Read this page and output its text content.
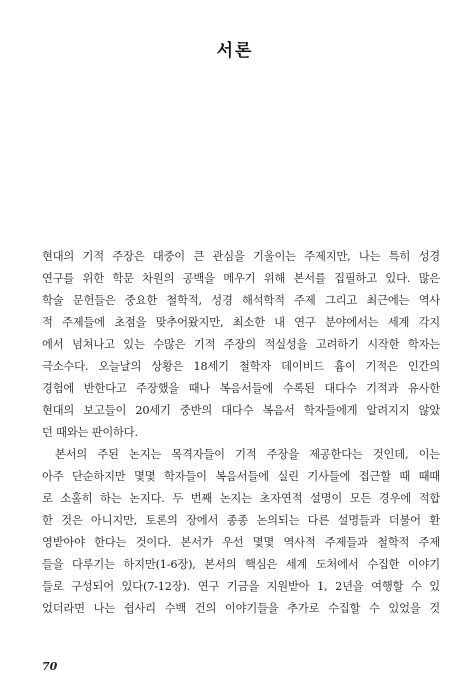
서론
현대의 기적 주장은 대중이 큰 관심을 기울이는 주제지만, 나는 특히 성경
연구를 위한 학문 차원의 공백을 메우기 위해 본서를 집필하고 있다. 많은
학술 문헌들은 중요한 철학적, 성경 해석학적 주제 그리고 최근에는 역사
적 주제들에 초점을 맞추어왔지만, 최소한 내 연구 분야에서는 세계 각지
에서 넘쳐나고 있는 수많은 기적 주장의 적실성을 고려하기 시작한 학자는
극소수다. 오늘날의 상황은 18세기 철학자 데이비드 흄이 기적은 인간의
경험에 반한다고 주장했을 때나 복음서들에 수록된 대다수 기적과 유사한
현대의 보고들이 20세기 중반의 대다수 복음서 학자들에게 알려지지 않았
던 때와는 판이하다.
본서의 주된 논지는 목격자들이 기적 주장을 제공한다는 것인데, 이는
아주 단순하지만 몇몇 학자들이 복음서들에 실린 기사들에 접근할 때 때때
로 소홀히 하는 논지다. 두 번째 논지는 초자연적 설명이 모든 경우에 적합
한 것은 아니지만, 토론의 장에서 종종 논의되는 다른 설명들과 더불어 환
영받아야 한다는 것이다. 본서가 우선 몇몇 역사적 주제들과 철학적 주제
들을 다루기는 하지만(1-6장), 본서의 핵심은 세계 도처에서 수집한 이야기
들로 구성되어 있다(7-12장). 연구 기금을 지원받아 1, 2년을 여행할 수 있
었더라면 나는 쉽사리 수백 건의 이야기들을 추가로 수집할 수 있었을 것
70
